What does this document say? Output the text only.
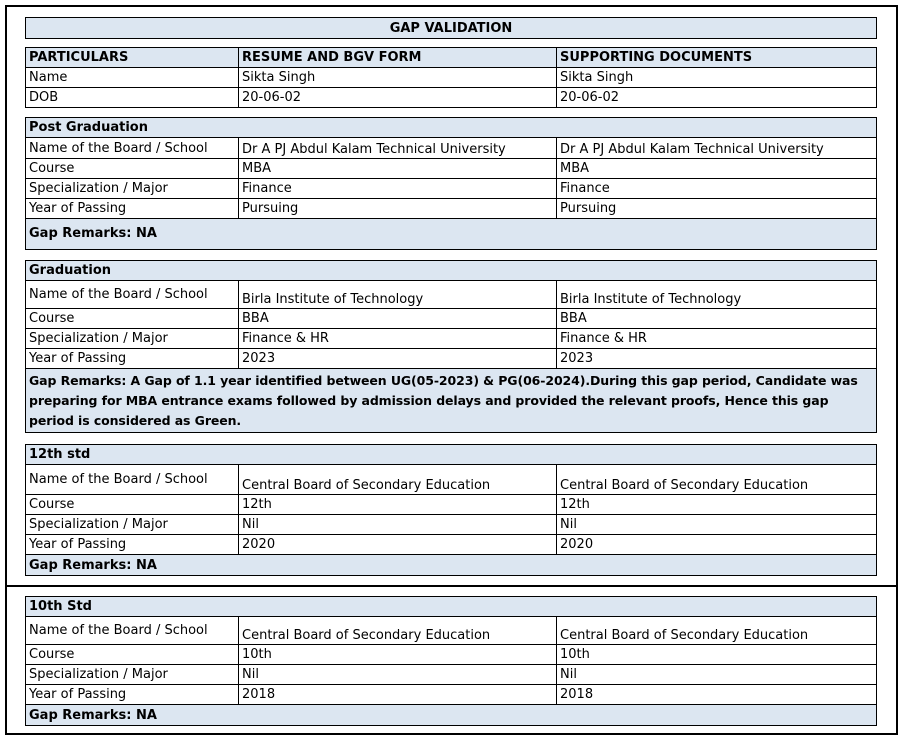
GAP VALIDATION
PARTICULARS	RESUME AND BGV FORM	SUPPORTING DOCUMENTS
Name	Sikta Singh	Sikta Singh
DOB	20-06-02	20-06-02
Post Graduation
Name of the Board / School	Dr A PJ Abdul Kalam Technical University	Dr A PJ Abdul Kalam Technical University
Course	MBA	MBA
Specialization / Major	Finance	Finance
Year of Passing	Pursuing	Pursuing
Gap Remarks: NA
Graduation
Name of the Board / School	Birla Institute of Technology	Birla Institute of Technology
Course	BBA	BBA
Specialization / Major	Finance & HR	Finance & HR
Year of Passing	2023	2023
Gap Remarks: A Gap of 1.1 year identified between UG(05-2023) & PG(06-2024).During this gap period, Candidate was preparing for MBA entrance exams followed by admission delays and provided the relevant proofs, Hence this gap period is considered as Green.
12th std
Name of the Board / School	Central Board of Secondary Education	Central Board of Secondary Education
Course	12th	12th
Specialization / Major	Nil	Nil
Year of Passing	2020	2020
Gap Remarks: NA
10th Std
Name of the Board / School	Central Board of Secondary Education	Central Board of Secondary Education
Course	10th	10th
Specialization / Major	Nil	Nil
Year of Passing	2018	2018
Gap Remarks: NA
